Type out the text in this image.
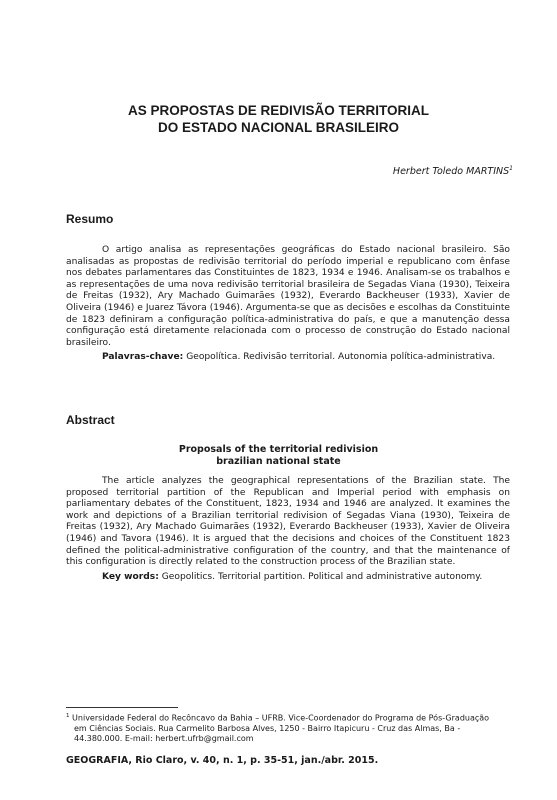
AS PROPOSTAS DE REDIVISÃO TERRITORIAL
DO ESTADO NACIONAL BRASILEIRO
Herbert Toledo MARTINS$^1$
Resumo

O artigo analisa as representações geográficas do Estado nacional brasileiro. São analisadas as propostas de redivisão territorial do período imperial e republicano com ênfase nos debates parlamentares das Constituintes de 1823, 1934 e 1946. Analisam-se os trabalhos e as representações de uma nova redivisão territorial brasileira de Segadas Viana (1930), Teixeira de Freitas (1932), Ary Machado Guimarães (1932), Everardo Backheuser (1933), Xavier de Oliveira (1946) e Juarez Távora (1946). Argumenta-se que as decisões e escolhas da Constituinte de 1823 definiram a configuração política-administrativa do país, e que a manutenção dessa configuração está diretamente relacionada com o processo de construção do Estado nacional brasileiro.

Palavras-chave: Geopolítica. Redivisão territorial. Autonomia política-administrativa.

Abstract
Proposals of the territorial redivision
brazilian national state

The article analyzes the geographical representations of the Brazilian state. The proposed territorial partition of the Republican and Imperial period with emphasis on parliamentary debates of the Constituent, 1823, 1934 and 1946 are analyzed. It examines the work and depictions of a Brazilian territorial redivision of Segadas Viana (1930), Teixeira de Freitas (1932), Ary Machado Guimarães (1932), Everardo Backheuser (1933), Xavier de Oliveira (1946) and Tavora (1946). It is argued that the decisions and choices of the Constituent 1823 defined the political-administrative configuration of the country, and that the maintenance of this configuration is directly related to the construction process of the Brazilian state.

Key words: Geopolitics. Territorial partition. Political and administrative autonomy.

$^1$ Universidade Federal do Recôncavo da Bahia – UFRB. Vice-Coordenador do Programa de Pós-Graduação
em Ciências Sociais. Rua Carmelito Barbosa Alves, 1250 - Bairro Itapicuru - Cruz das Almas, Ba -
44.380.000. E-mail: herbert.ufrb@gmail.com
GEOGRAFIA, Rio Claro, v. 40, n. 1, p. 35-51, jan./abr. 2015.
